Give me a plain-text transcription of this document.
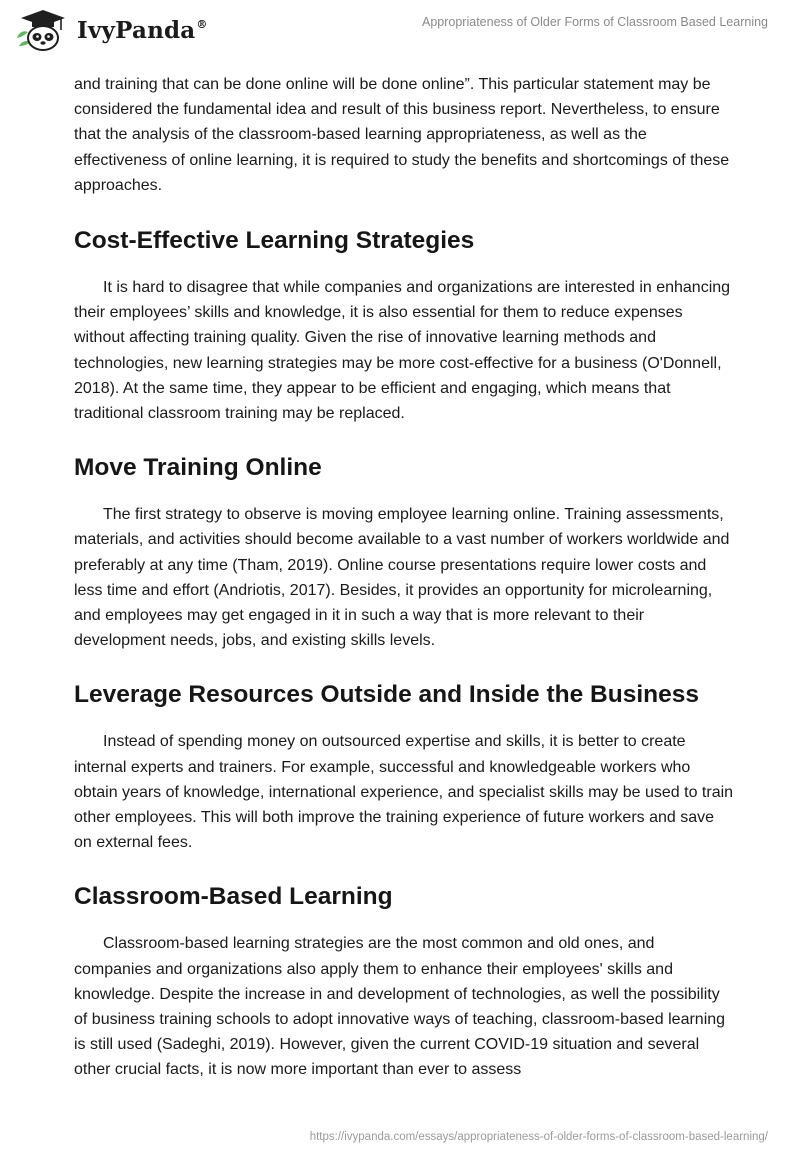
IvyPanda®	Appropriateness of Older Forms of Classroom Based Learning

and training that can be done online will be done online”. This particular statement may be considered the fundamental idea and result of this business report. Nevertheless, to ensure that the analysis of the classroom-based learning appropriateness, as well as the effectiveness of online learning, it is required to study the benefits and shortcomings of these approaches.

Cost-Effective Learning Strategies

It is hard to disagree that while companies and organizations are interested in enhancing their employees’ skills and knowledge, it is also essential for them to reduce expenses without affecting training quality. Given the rise of innovative learning methods and technologies, new learning strategies may be more cost-effective for a business (O'Donnell, 2018). At the same time, they appear to be efficient and engaging, which means that traditional classroom training may be replaced.

Move Training Online

The first strategy to observe is moving employee learning online. Training assessments, materials, and activities should become available to a vast number of workers worldwide and preferably at any time (Tham, 2019). Online course presentations require lower costs and less time and effort (Andriotis, 2017). Besides, it provides an opportunity for microlearning, and employees may get engaged in it in such a way that is more relevant to their development needs, jobs, and existing skills levels.

Leverage Resources Outside and Inside the Business

Instead of spending money on outsourced expertise and skills, it is better to create internal experts and trainers. For example, successful and knowledgeable workers who obtain years of knowledge, international experience, and specialist skills may be used to train other employees. This will both improve the training experience of future workers and save on external fees.

Classroom-Based Learning

Classroom-based learning strategies are the most common and old ones, and companies and organizations also apply them to enhance their employees' skills and knowledge. Despite the increase in and development of technologies, as well the possibility of business training schools to adopt innovative ways of teaching, classroom-based learning is still used (Sadeghi, 2019). However, given the current COVID-19 situation and several other crucial facts, it is now more important than ever to assess

https://ivypanda.com/essays/appropriateness-of-older-forms-of-classroom-based-learning/
